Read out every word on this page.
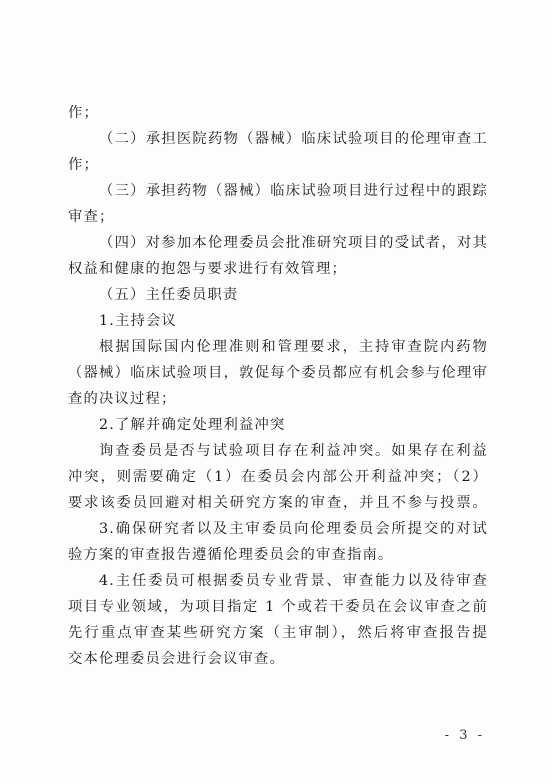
作；
（二）承担医院药物（器械）临床试验项目的伦理审查工
作；
（三）承担药物（器械）临床试验项目进行过程中的跟踪
审查；
（四）对参加本伦理委员会批准研究项目的受试者，对其
权益和健康的抱怨与要求进行有效管理；
（五）主任委员职责
1.主持会议
根据国际国内伦理准则和管理要求，主持审查院内药物
（器械）临床试验项目，敦促每个委员都应有机会参与伦理审
查的决议过程；
2.了解并确定处理利益冲突
询查委员是否与试验项目存在利益冲突。如果存在利益
冲突，则需要确定（1）在委员会内部公开利益冲突；（2）
要求该委员回避对相关研究方案的审查，并且不参与投票。
3.确保研究者以及主审委员向伦理委员会所提交的对试
验方案的审查报告遵循伦理委员会的审查指南。
4.主任委员可根据委员专业背景、审查能力以及待审查
项目专业领域，为项目指定 1 个或若干委员在会议审查之前
先行重点审查某些研究方案（主审制），然后将审查报告提
交本伦理委员会进行会议审查。
- 3 -
